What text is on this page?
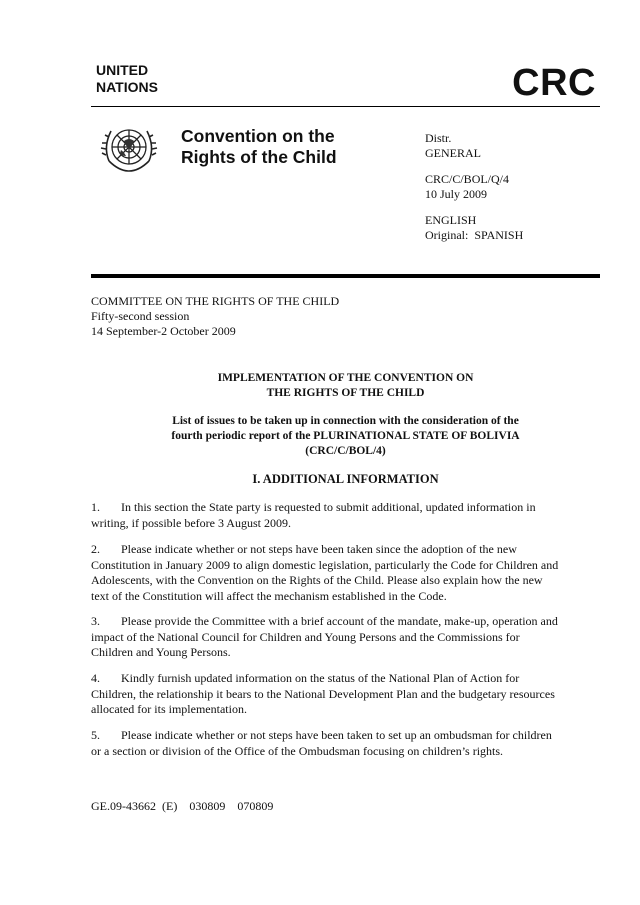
UNITED
NATIONS	CRC
Convention on the
Rights of the Child
Distr.
GENERAL
CRC/C/BOL/Q/4
10 July 2009
ENGLISH
Original:  SPANISH
COMMITTEE ON THE RIGHTS OF THE CHILD
Fifty-second session
14 September-2 October 2009
IMPLEMENTATION OF THE CONVENTION ON
THE RIGHTS OF THE CHILD
List of issues to be taken up in connection with the consideration of the
fourth periodic report of the PLURINATIONAL STATE OF BOLIVIA
(CRC/C/BOL/4)
I. ADDITIONAL INFORMATION
1. In this section the State party is requested to submit additional, updated information in
writing, if possible before 3 August 2009.
2. Please indicate whether or not steps have been taken since the adoption of the new
Constitution in January 2009 to align domestic legislation, particularly the Code for Children and
Adolescents, with the Convention on the Rights of the Child. Please also explain how the new
text of the Constitution will affect the mechanism established in the Code.
3. Please provide the Committee with a brief account of the mandate, make-up, operation and
impact of the National Council for Children and Young Persons and the Commissions for
Children and Young Persons.
4. Kindly furnish updated information on the status of the National Plan of Action for
Children, the relationship it bears to the National Development Plan and the budgetary resources
allocated for its implementation.
5. Please indicate whether or not steps have been taken to set up an ombudsman for children
or a section or division of the Office of the Ombudsman focusing on children’s rights.
GE.09-43662  (E)    030809    070809
